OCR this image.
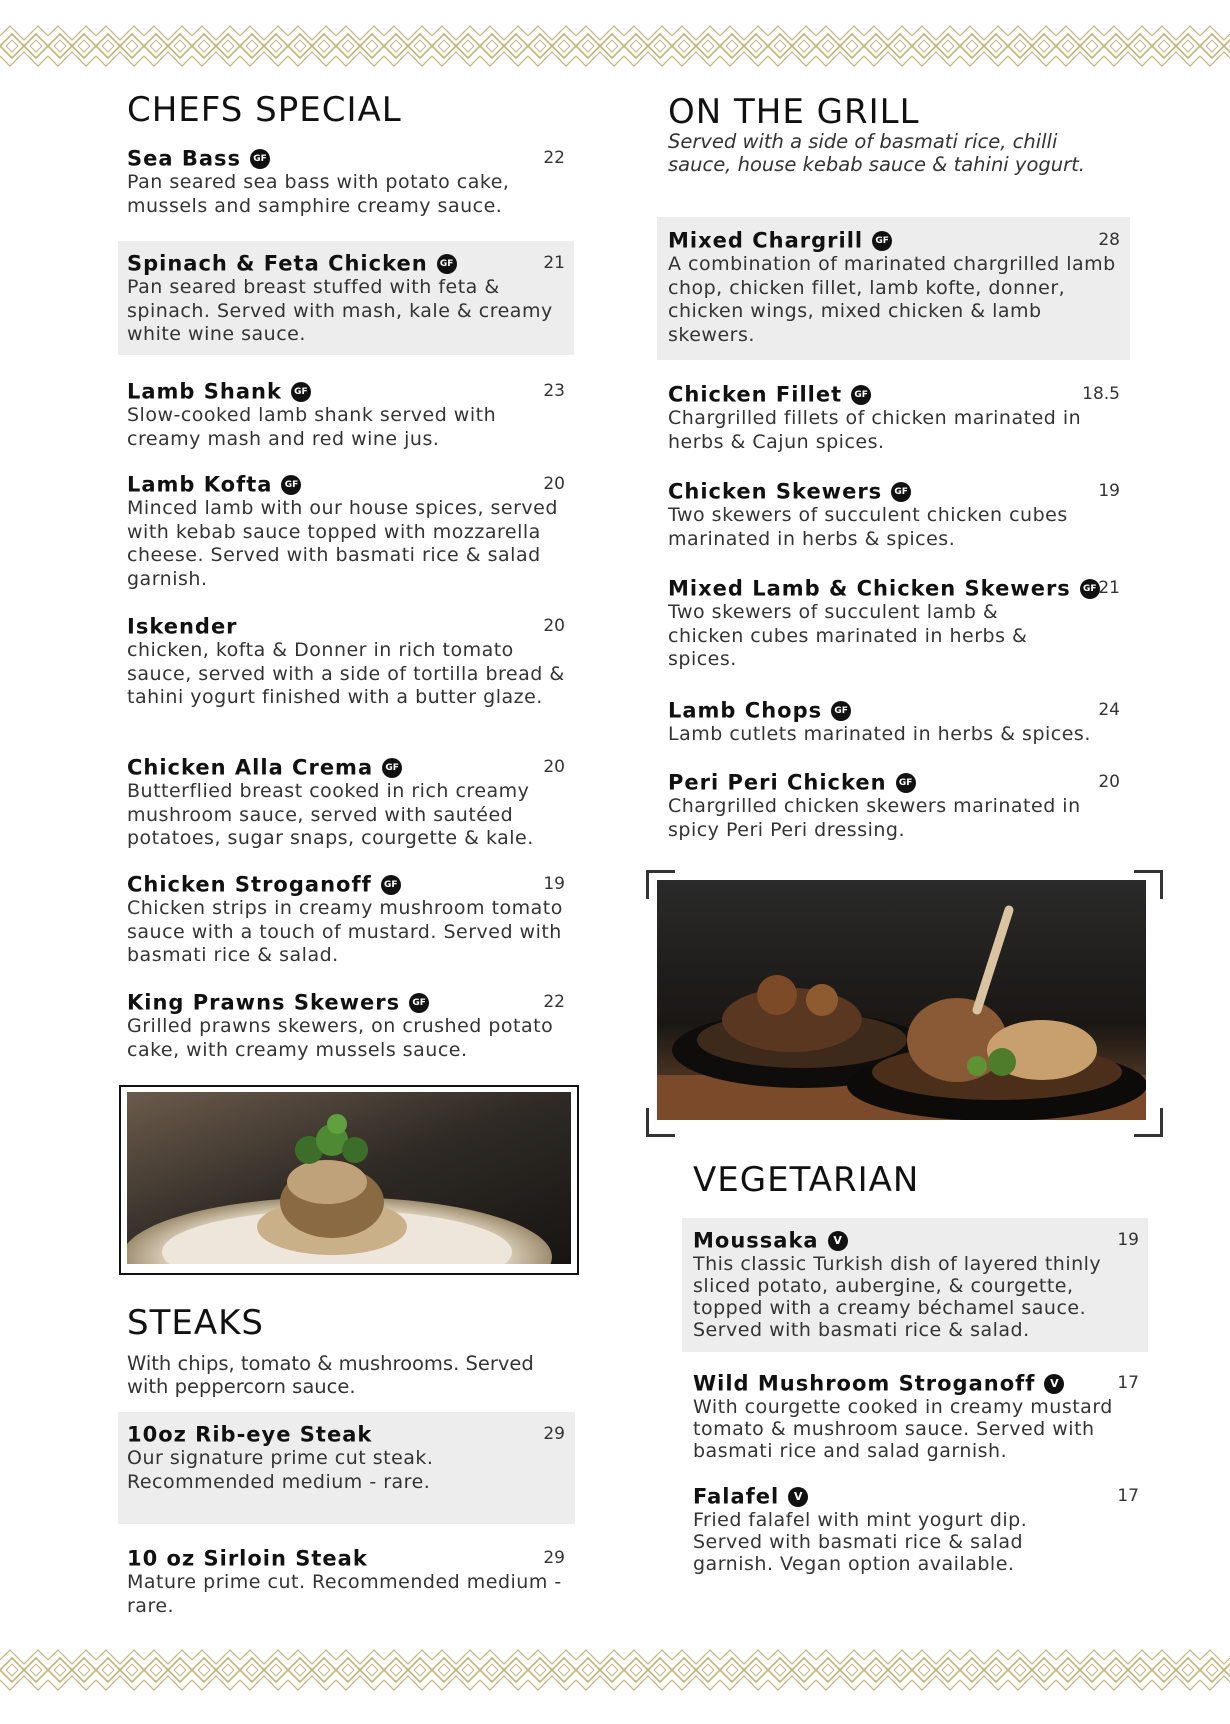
CHEFS SPECIAL
Sea Bass GF	22

Pan seared sea bass with potato cake, mussels and samphire creamy sauce.

Spinach & Feta Chicken GF	21

Pan seared breast stuffed with feta & spinach. Served with mash, kale & creamy white wine sauce.

Lamb Shank GF	23

Slow-cooked lamb shank served with creamy mash and red wine jus.

Lamb Kofta GF	20

Minced lamb with our house spices, served with kebab sauce topped with mozzarella cheese. Served with basmati rice & salad garnish.

Iskender	20

chicken, kofta & Donner in rich tomato sauce, served with a side of tortilla bread & tahini yogurt finished with a butter glaze.

Chicken Alla Crema GF	20

Butterflied breast cooked in rich creamy mushroom sauce, served with sautéed potatoes, sugar snaps, courgette & kale.

Chicken Stroganoff GF	19

Chicken strips in creamy mushroom tomato sauce with a touch of mustard. Served with basmati rice & salad.

King Prawns Skewers GF	22

Grilled prawns skewers, on crushed potato cake, with creamy mussels sauce.

STEAKS

With chips, tomato & mushrooms. Served with peppercorn sauce.

10oz Rib-eye Steak	29

Our signature prime cut steak. Recommended medium - rare.

10 oz Sirloin Steak	29

Mature prime cut. Recommended medium - rare.

ON THE GRILL

Served with a side of basmati rice, chilli sauce, house kebab sauce & tahini yogurt.

Mixed Chargrill GF	28

A combination of marinated chargrilled lamb chop, chicken fillet, lamb kofte, donner, chicken wings, mixed chicken & lamb skewers.

Chicken Fillet GF	18.5

Chargrilled fillets of chicken marinated in herbs & Cajun spices.

Chicken Skewers GF	19

Two skewers of succulent chicken cubes marinated in herbs & spices.

Mixed Lamb & Chicken Skewers GF 21

Two skewers of succulent lamb & chicken cubes marinated in herbs & spices.

Lamb Chops GF	24

Lamb cutlets marinated in herbs & spices.

Peri Peri Chicken GF	20

Chargrilled chicken skewers marinated in spicy Peri Peri dressing.

VEGETARIAN
Moussaka V	19

This classic Turkish dish of layered thinly sliced potato, aubergine, & courgette, topped with a creamy béchamel sauce. Served with basmati rice & salad.

Wild Mushroom Stroganoff V	17

With courgette cooked in creamy mustard tomato & mushroom sauce. Served with basmati rice and salad garnish.

Falafel V	17

Fried falafel with mint yogurt dip. Served with basmati rice & salad garnish. Vegan option available.
